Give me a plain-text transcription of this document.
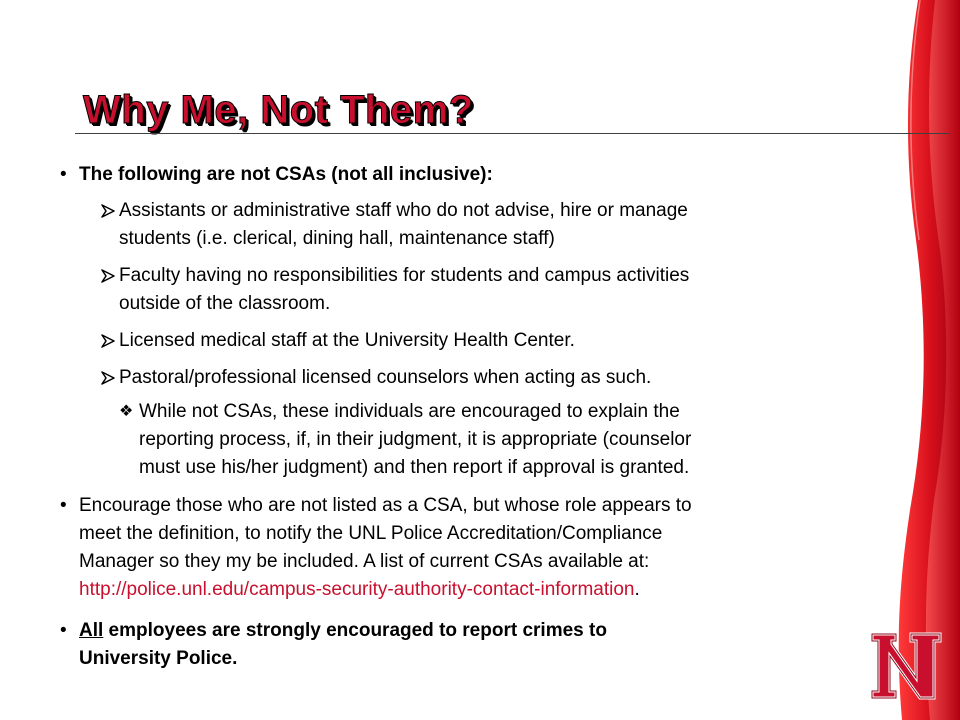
Why Me, Not Them?
• The following are not CSAs (not all inclusive):
Assistants or administrative staff who do not advise, hire or manage
students (i.e. clerical, dining hall, maintenance staff)
Faculty having no responsibilities for students and campus activities
outside of the classroom.
Licensed medical staff at the University Health Center.
Pastoral/professional licensed counselors when acting as such.
❖ While not CSAs, these individuals are encouraged to explain the
reporting process, if, in their judgment, it is appropriate (counselor
must use his/her judgment) and then report if approval is granted.
• Encourage those who are not listed as a CSA, but whose role appears to
meet the definition, to notify the UNL Police Accreditation/Compliance
Manager so they my be included. A list of current CSAs available at:
http://police.unl.edu/campus-security-authority-contact-information.
• All employees are strongly encouraged to report crimes to
University Police.
